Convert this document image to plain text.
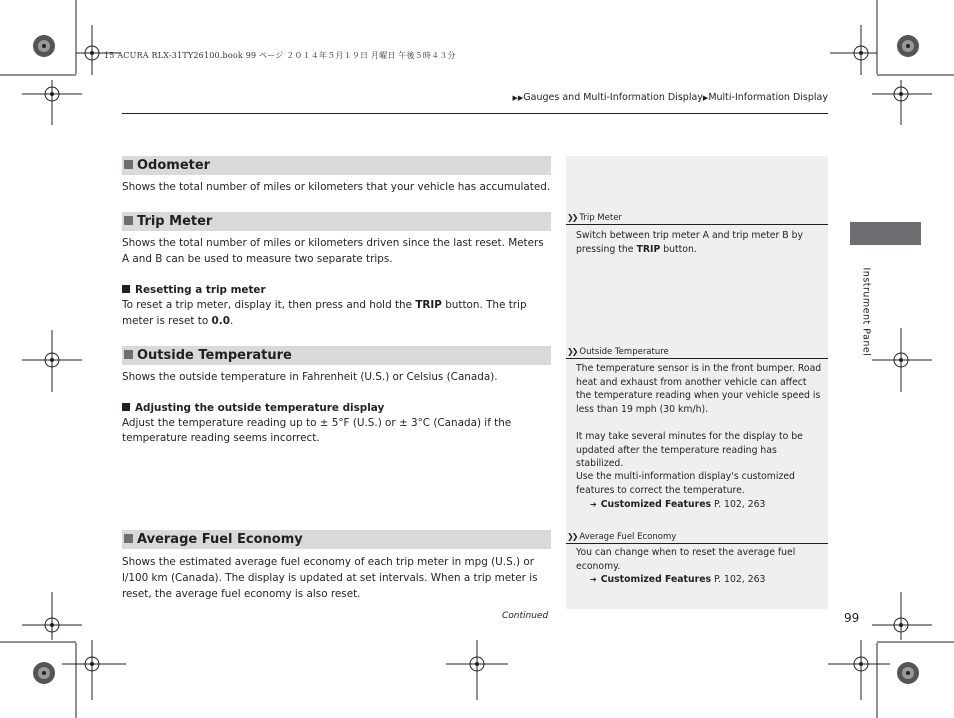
15 ACURA RLX-31TY26100.book 99 ページ ２０１４年５月１９日 月曜日 午後５時４３分
▶▶Gauges and Multi-Information Display▶Multi-Information Display
Odometer
Shows the total number of miles or kilometers that your vehicle has accumulated.
Trip Meter
Shows the total number of miles or kilometers driven since the last reset. Meters A and B can be used to measure two separate trips.
Resetting a trip meter
To reset a trip meter, display it, then press and hold the TRIP button. The trip meter is reset to 0.0.
Outside Temperature
Shows the outside temperature in Fahrenheit (U.S.) or Celsius (Canada).
Adjusting the outside temperature display
Adjust the temperature reading up to ± 5°F (U.S.) or ± 3°C (Canada) if the temperature reading seems incorrect.
Average Fuel Economy
Shows the estimated average fuel economy of each trip meter in mpg (U.S.) or l/100 km (Canada). The display is updated at set intervals. When a trip meter is reset, the average fuel economy is also reset.
❯❯ Trip Meter
Switch between trip meter A and trip meter B by pressing the TRIP button.
❯❯ Outside Temperature
The temperature sensor is in the front bumper. Road heat and exhaust from another vehicle can affect the temperature reading when your vehicle speed is less than 19 mph (30 km/h).
It may take several minutes for the display to be updated after the temperature reading has stabilized.
Use the multi-information display's customized features to correct the temperature.
➔ Customized Features P. 102, 263
❯❯ Average Fuel Economy
You can change when to reset the average fuel economy.
➔ Customized Features P. 102, 263
Instrument Panel
Continued	99
